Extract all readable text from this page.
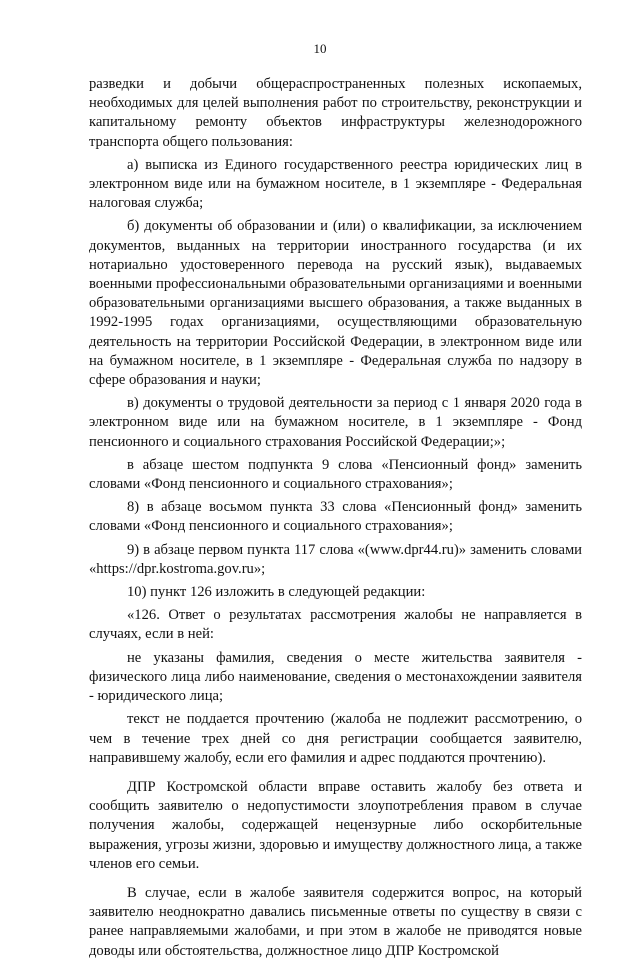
10

разведки и добычи общераспространенных полезных ископаемых, необходимых для целей выполнения работ по строительству, реконструкции и капитальному ремонту объектов инфраструктуры железнодорожного транспорта общего пользования:

а) выписка из Единого государственного реестра юридических лиц в электронном виде или на бумажном носителе, в 1 экземпляре - Федеральная налоговая служба;

б) документы об образовании и (или) о квалификации, за исключением документов, выданных на территории иностранного государства (и их нотариально удостоверенного перевода на русский язык), выдаваемых военными профессиональными образовательными организациями и военными образовательными организациями высшего образования, а также выданных в 1992-1995 годах организациями, осуществляющими образовательную деятельность на территории Российской Федерации, в электронном виде или на бумажном носителе, в 1 экземпляре - Федеральная служба по надзору в сфере образования и науки;

в) документы о трудовой деятельности за период с 1 января 2020 года в электронном виде или на бумажном носителе, в 1 экземпляре - Фонд пенсионного и социального страхования Российской Федерации;»;

в абзаце шестом подпункта 9 слова «Пенсионный фонд» заменить словами «Фонд пенсионного и социального страхования»;

8) в абзаце восьмом пункта 33 слова «Пенсионный фонд» заменить словами «Фонд пенсионного и социального страхования»;

9) в абзаце первом пункта 117 слова «(www.dpr44.ru)» заменить словами «https://dpr.kostroma.gov.ru»;

10) пункт 126 изложить в следующей редакции:

«126. Ответ о результатах рассмотрения жалобы не направляется в случаях, если в ней:

не указаны фамилия, сведения о месте жительства заявителя - физического лица либо наименование, сведения о местонахождении заявителя - юридического лица;

текст не поддается прочтению (жалоба не подлежит рассмотрению, о чем в течение трех дней со дня регистрации сообщается заявителю, направившему жалобу, если его фамилия и адрес поддаются прочтению).

ДПР Костромской области вправе оставить жалобу без ответа и сообщить заявителю о недопустимости злоупотребления правом в случае получения жалобы, содержащей нецензурные либо оскорбительные выражения, угрозы жизни, здоровью и имуществу должностного лица, а также членов его семьи.

В случае, если в жалобе заявителя содержится вопрос, на который заявителю неоднократно давались письменные ответы по существу в связи с ранее направляемыми жалобами, и при этом в жалобе не приводятся новые доводы или обстоятельства, должностное лицо ДПР Костромской
